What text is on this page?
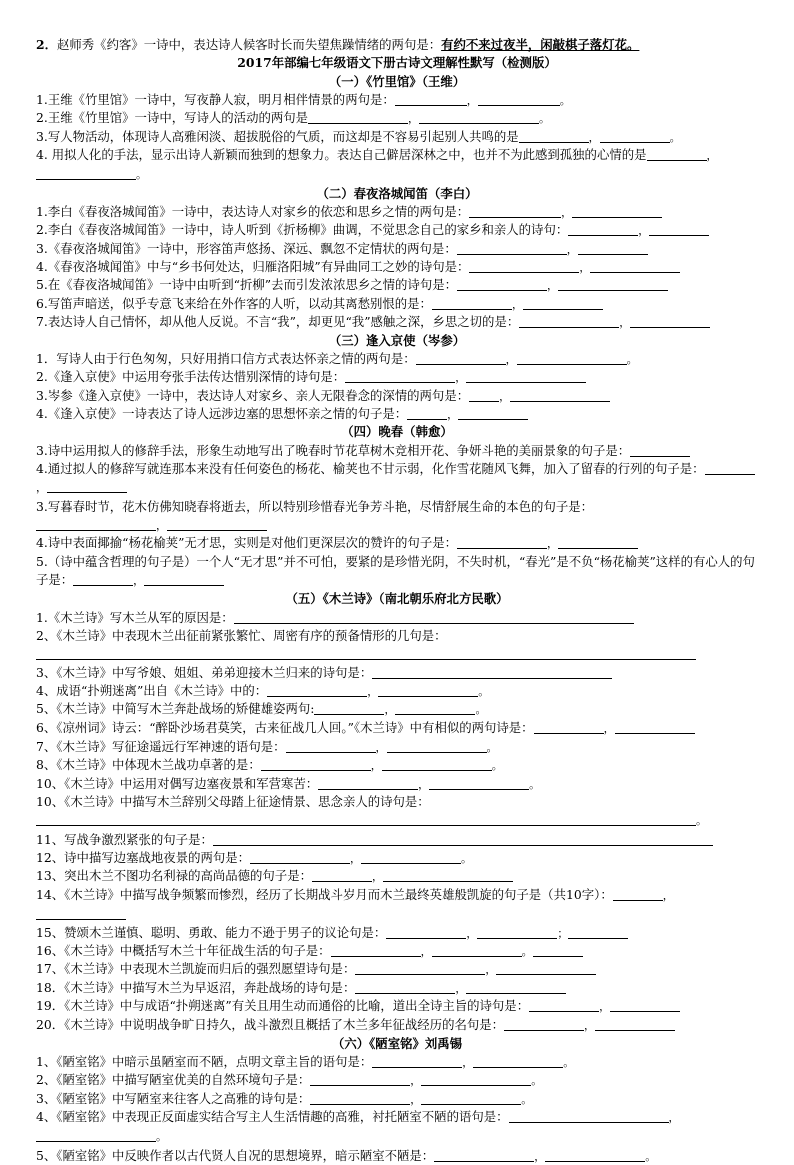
2．赵师秀《约客》一诗中，表达诗人候客时长而失望焦躁情绪的两句是：有约不来过夜半，闲敲棋子落灯花。
2017年部编七年级语文下册古诗文理解性默写（检测版）
（一）《竹里馆》（王维）
1.王维《竹里馆》一诗中，写夜静人寂，明月相伴情景的两句是：	，	。
2.王维《竹里馆》一诗中，写诗人的活动的两句是	，	。
3.写人物活动，体现诗人高雅闲淡、超拔脱俗的气质，而这却是不容易引起别人共鸣的是	，	。
4. 用拟人化的手法，显示出诗人新颖而独到的想象力。表达自己僻居深林之中，也并不为此感到孤独的心情的是	，。
（二）春夜洛城闻笛（李白）
1.李白《春夜洛城闻笛》一诗中，表达诗人对家乡的依恋和思乡之情的两句是：	，
2.李白《春夜洛城闻笛》一诗中，诗人听到《折杨柳》曲调，不觉思念自己的家乡和亲人的诗句：	，
3.《春夜洛城闻笛》一诗中，形容笛声悠扬、深远、飘忽不定情状的两句是：	，
4.《春夜洛城闻笛》中与“乡书何处达，归雁洛阳城”有异曲同工之妙的诗句是：	，
5.在《春夜洛城闻笛》一诗中由听到“折柳”去而引发浓浓思乡之情的诗句是：	，
6.写笛声暗送，似乎专意飞来给在外作客的人听，以动其离愁别恨的是：	，
7.表达诗人自己情怀，却从他人反说。不言“我”，却更见“我”感触之深，乡思之切的是：	，
（三）逢入京使（岑参）
1．写诗人由于行色匆匆，只好用捎口信方式表达怀亲之情的两句是：	，	。
2.《逢入京使》中运用夸张手法传达惜别深情的诗句是：	，
3.岑参《逢入京使》一诗中，表达诗人对家乡、亲人无限眷念的深情的两句是：	，
4.《逢入京使》一诗表达了诗人远涉边塞的思想怀亲之情的句子是：	，
（四）晚春（韩愈）
3.诗中运用拟人的修辞手法，形象生动地写出了晚春时节花草树木竞相开花、争妍斗艳的美丽景象的句子是：
4.通过拟人的修辞写就连那本来没有任何姿色的杨花、榆荚也不甘示弱，化作雪花随风飞舞，加入了留春的行列的句子是：，
3.写暮春时节，花木仿佛知晓春将逝去，所以特别珍惜春光争芳斗艳，尽情舒展生命的本色的句子是：
，
4.诗中表面揶揄“杨花榆荚”无才思，实则是对他们更深层次的赞许的句子是：	，
5.（诗中蕴含哲理的句子是）一个人“无才思”并不可怕，要紧的是珍惜光阴，不失时机，“春光”是不负“杨花榆荚”这样的有心人的句子是：	，
（五）《木兰诗》（南北朝乐府北方民歌）
1.《木兰诗》写木兰从军的原因是：
2、《木兰诗》中表现木兰出征前紧张繁忙、周密有序的预备情形的几句是：
3、《木兰诗》中写爷娘、姐姐、弟弟迎接木兰归来的诗句是：
4、成语“扑朔迷离”出自《木兰诗》中的：	，	。
5、《木兰诗》中简写木兰奔赴战场的矫健雄姿两句:	，	。
6、《凉州词》诗云：“醉卧沙场君莫笑，古来征战几人回。”《木兰诗》中有相似的两句诗是：	，
7、《木兰诗》写征途遥远行军神速的语句是：	，	。
8、《木兰诗》中体现木兰战功卓著的是：	，	。
10、《木兰诗》中运用对偶写边塞夜景和军营寒苦：	，	。
10、《木兰诗》中描写木兰辞别父母踏上征途情景、思念亲人的诗句是：。
11、写战争激烈紧张的句子是：
12、诗中描写边塞战地夜景的两句是：	，	。
13、突出木兰不图功名利禄的高尚品德的句子是：	，
14、《木兰诗》中描写战争频繁而惨烈，经历了长期战斗岁月而木兰最终英雄般凯旋的句子是（共10字）：	，
15、赞颂木兰谨慎、聪明、勇敢、能力不逊于男子的议论句是：	，	；
16、《木兰诗》中概括写木兰十年征战生活的句子是：	，	。
17、《木兰诗》中表现木兰凯旋而归后的强烈愿望诗句是：	，
18．《木兰诗》中描写木兰为早返沼，奔赴战场的诗句是：	，
19．《木兰诗》中与成语“扑朔迷离”有关且用生动而通俗的比喻，道出全诗主旨的诗句是：	，
20．《木兰诗》中说明战争旷日持久，战斗激烈且概括了木兰多年征战经历的名句是：	，
（六）《陋室铭》刘禹锡
1、《陋室铭》中暗示虽陋室而不陋，点明文章主旨的语句是：	，	。
2、《陋室铭》中描写陋室优美的自然环境句子是：	，	。
3、《陋室铭》中写陋室来往客人之高雅的诗句是：	，	。
4、《陋室铭》中表现正反面虚实结合写主人生活情趣的高雅，衬托陋室不陋的语句是：	，。
5、《陋室铭》中反映作者以古代贤人自况的思想境界，暗示陋室不陋是：	，	。
